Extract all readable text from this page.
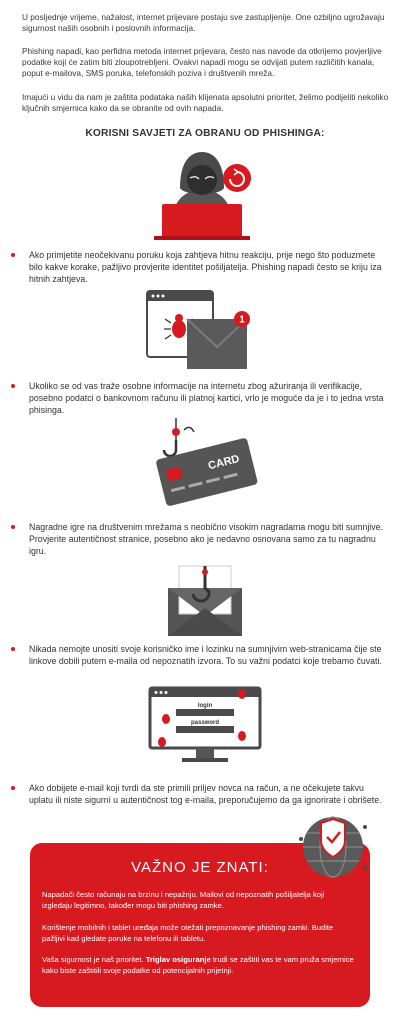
U posljednje vrijeme, nažalost, internet prijevare postaju sve zastupljenije. One ozbiljno ugrožavaju sigurnost naših osobnih i poslovnih informacija.

Phishing napadi, kao perfidna metoda internet prijevara, često nas navode da otkrijemo povjerljive podatke koji će zatim biti zloupotrebljeni. Ovakvi napadi mogu se odvijati putem različitih kanala, poput e-mailova, SMS poruka, telefonskih poziva i društvenih mreža.

Imajući u vidu da nam je zaštita podataka naših klijenata apsolutni prioritet, želimo podijeliti nekoliko ključnih smjernica kako da se obranite od ovih napada.

KORISNI SAVJETI ZA OBRANU OD PHISHINGA:

Ako primjetite neočekivanu poruku koja zahtjeva hitnu reakciju, prije nego što poduzmete bilo kakve korake, pažljivo provjerite identitet pošiljatelja. Phishing napadi često se kriju iza hitnih zahtjeva.

1

Ukoliko se od vas traže osobne informacije na internetu zbog ažuriranja ili verifikacije, posebno podatci o bankovnom računu ili platnoj kartici, vrlo je moguće da je i to jedna vrsta phisinga.

CARD

Nagradne igre na društvenim mrežama s neobično visokim nagradama mogu biti sumnjive. Provjerite autentičnost stranice, posebno ako je nedavno osnovana samo za tu nagradnu igru.

Nikada nemojte unositi svoje korisničko ime i lozinku na sumnjivim web-stranicama čije ste linkove dobili putem e-maila od nepoznatih izvora. To su važni podatci koje trebamo čuvati.

login
password

Ako dobijete e-mail koji tvrdi da ste primili priljev novca na račun, a ne očekujete takvu uplatu ili niste sigurni u autentičnost tog e-maila, preporučujemo da ga ignorirate i obrišete.

VAŽNO JE ZNATI:

Napadači često računaju na brzinu i nepažnju. Mailovi od nepoznatih pošiljatelja koji izgledaju legitimno, također mogu biti phishing zamke.

Korištenje mobilnih i tablet uređaja može otežati prepoznavanje phishing zamki. Budite pažljivi kad gledate poruke na telefonu ili tabletu.

Vaša sigurnost je naš prioritet. Triglav osiguranje trudi se zaštiti vas te vam pruža smjernice kako biste zaštitili svoje podatke od potencijalnih prijetnji.
